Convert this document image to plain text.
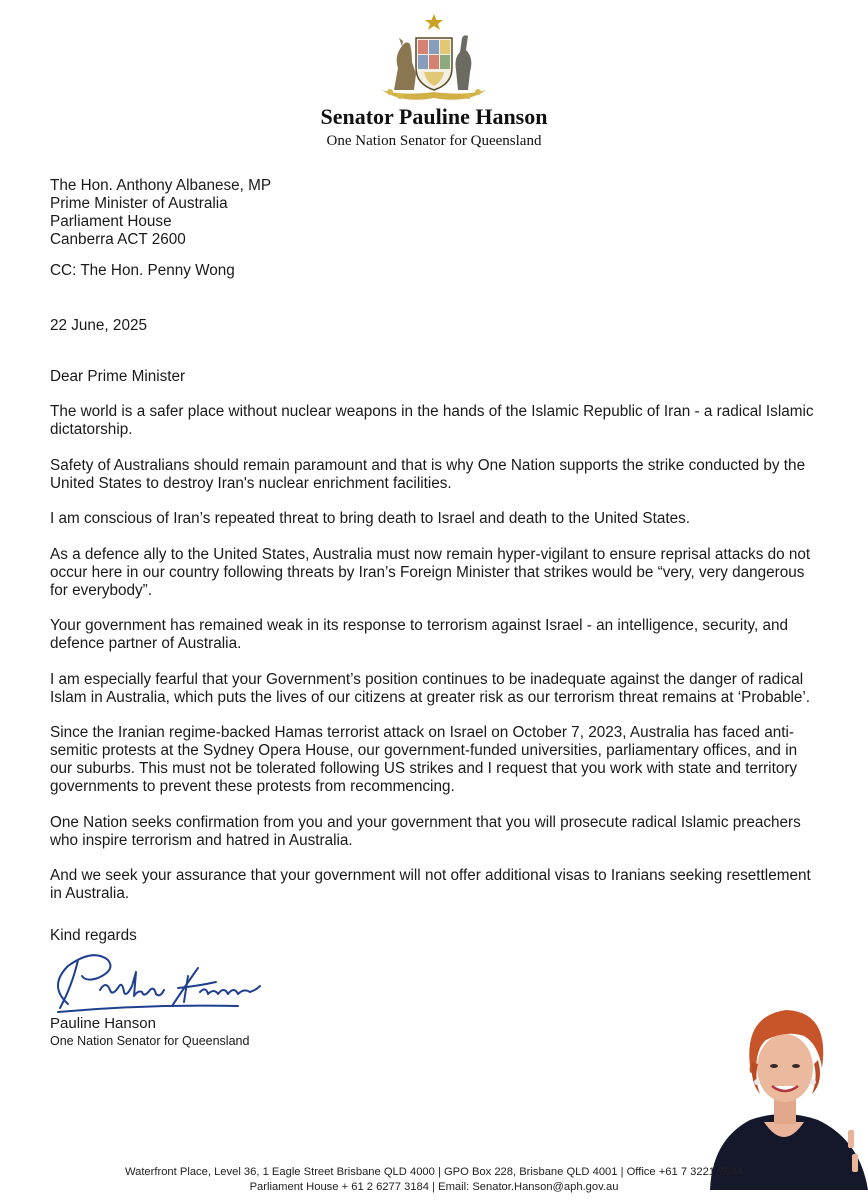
Senator Pauline Hanson
One Nation Senator for Queensland
The Hon. Anthony Albanese, MP
Prime Minister of Australia
Parliament House
Canberra ACT 2600
CC: The Hon. Penny Wong
22 June, 2025
Dear Prime Minister

The world is a safer place without nuclear weapons in the hands of the Islamic Republic of Iran - a radical Islamic dictatorship.

Safety of Australians should remain paramount and that is why One Nation supports the strike conducted by the United States to destroy Iran's nuclear enrichment facilities.

I am conscious of Iran’s repeated threat to bring death to Israel and death to the United States.

As a defence ally to the United States, Australia must now remain hyper-vigilant to ensure reprisal attacks do not occur here in our country following threats by Iran’s Foreign Minister that strikes would be “very, very dangerous for everybody”.

Your government has remained weak in its response to terrorism against Israel - an intelligence, security, and defence partner of Australia.

I am especially fearful that your Government’s position continues to be inadequate against the danger of radical Islam in Australia, which puts the lives of our citizens at greater risk as our terrorism threat remains at ‘Probable’.

Since the Iranian regime-backed Hamas terrorist attack on Israel on October 7, 2023, Australia has faced anti-semitic protests at the Sydney Opera House, our government-funded universities, parliamentary offices, and in our suburbs. This must not be tolerated following US strikes and I request that you work with state and territory governments to prevent these protests from recommencing.

One Nation seeks confirmation from you and your government that you will prosecute radical Islamic preachers who inspire terrorism and hatred in Australia.

And we seek your assurance that your government will not offer additional visas to Iranians seeking resettlement in Australia.

Kind regards
Pauline Hanson
One Nation Senator for Queensland
Waterfront Place, Level 36, 1 Eagle Street Brisbane QLD 4000 | GPO Box 228, Brisbane QLD 4001 | Office +61 7 3221 7644
Parliament House + 61 2 6277 3184 | Email: Senator.Hanson@aph.gov.au
